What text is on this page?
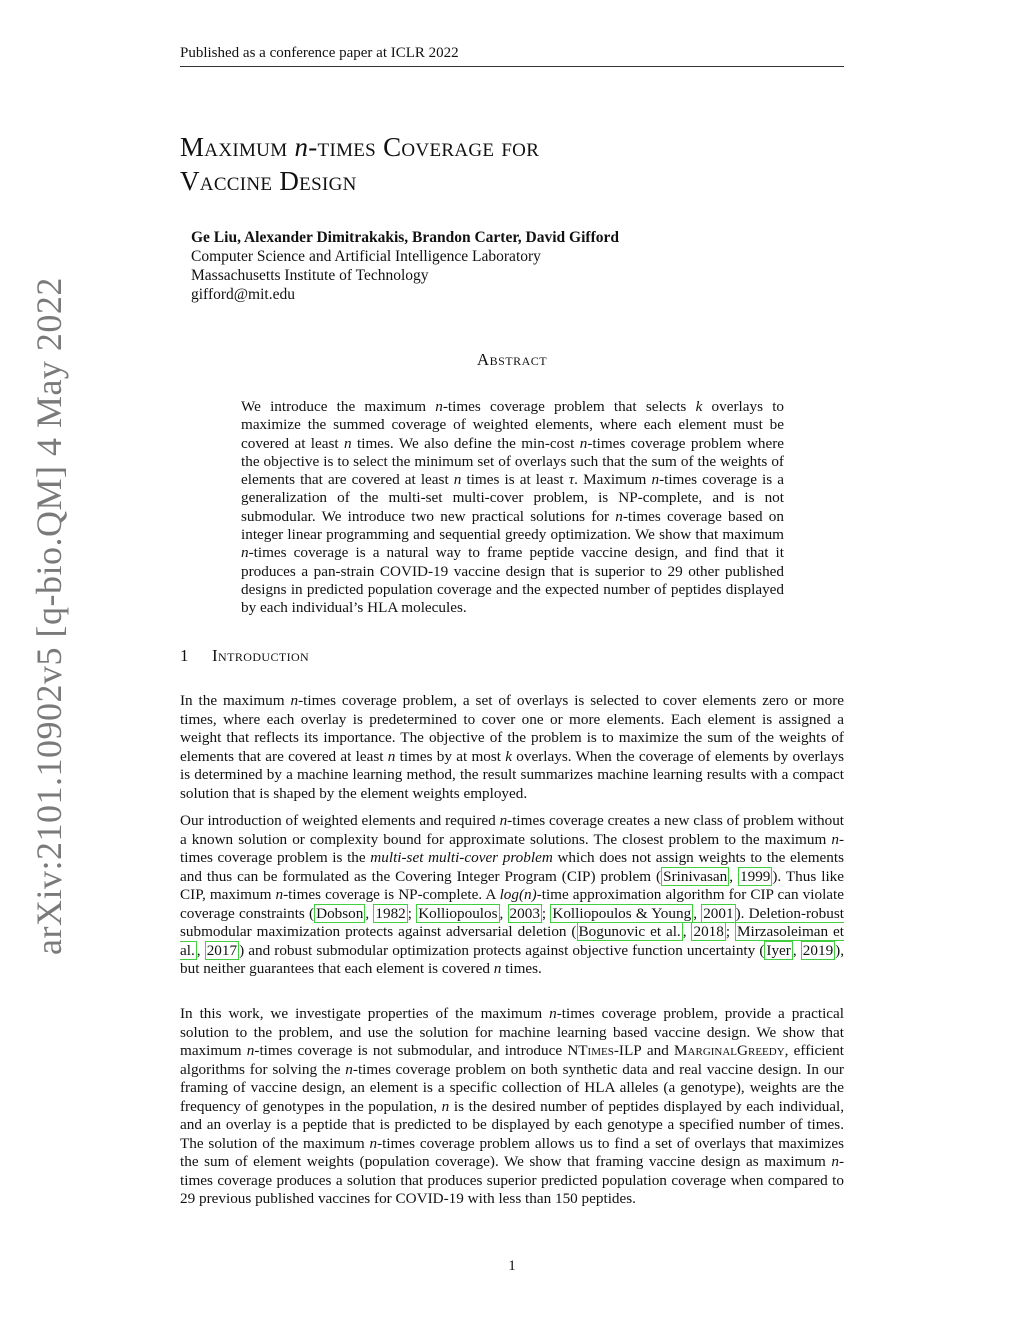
Published as a conference paper at ICLR 2022
Maximum n-times Coverage for
Vaccine Design
Ge Liu, Alexander Dimitrakakis, Brandon Carter, David Gifford
Computer Science and Artificial Intelligence Laboratory
Massachusetts Institute of Technology
gifford@mit.edu
Abstract

We introduce the maximum n-times coverage problem that selects k overlays to maximize the summed coverage of weighted elements, where each element must be covered at least n times. We also define the min-cost n-times coverage problem where the objective is to select the minimum set of overlays such that the sum of the weights of elements that are covered at least n times is at least τ. Maximum n-times coverage is a generalization of the multi-set multi-cover problem, is NP-complete, and is not submodular. We introduce two new practical solutions for n-times coverage based on integer linear programming and sequential greedy optimization. We show that maximum n-times coverage is a natural way to frame peptide vaccine design, and find that it produces a pan-strain COVID-19 vaccine design that is superior to 29 other published designs in predicted population coverage and the expected number of peptides displayed by each individual’s HLA molecules.

1 Introduction

In the maximum n-times coverage problem, a set of overlays is selected to cover elements zero or more times, where each overlay is predetermined to cover one or more elements. Each element is assigned a weight that reflects its importance. The objective of the problem is to maximize the sum of the weights of elements that are covered at least n times by at most k overlays. When the coverage of elements by overlays is determined by a machine learning method, the result summarizes machine learning results with a compact solution that is shaped by the element weights employed.

Our introduction of weighted elements and required n-times coverage creates a new class of problem without a known solution or complexity bound for approximate solutions. The closest problem to the maximum n-times coverage problem is the multi-set multi-cover problem which does not assign weights to the elements and thus can be formulated as the Covering Integer Program (CIP) problem ( Srinivasan , 1999 ). Thus like CIP, maximum n-times coverage is NP-complete. A log(n)-time approximation algorithm for CIP can violate coverage constraints ( Dobson , 1982 ; Kolliopoulos , 2003 ; Kolliopoulos & Young , 2001 ). Deletion-robust submodular maximization protects against adversarial deletion ( Bogunovic et al. , 2018 ; Mirzasoleiman et al. , 2017 ) and robust submodular optimization protects against objective function uncertainty ( Iyer , 2019 ), but neither guarantees that each element is covered n times.

In this work, we investigate properties of the maximum n-times coverage problem, provide a practical solution to the problem, and use the solution for machine learning based vaccine design. We show that maximum n-times coverage is not submodular, and introduce NTimes-ILP and MarginalGreedy, efficient algorithms for solving the n-times coverage problem on both synthetic data and real vaccine design. In our framing of vaccine design, an element is a specific collection of HLA alleles (a genotype), weights are the frequency of genotypes in the population, n is the desired number of peptides displayed by each individual, and an overlay is a peptide that is predicted to be displayed by each genotype a specified number of times. The solution of the maximum n-times coverage problem allows us to find a set of overlays that maximizes the sum of element weights (population coverage). We show that framing vaccine design as maximum n-times coverage produces a solution that produces superior predicted population coverage when compared to 29 previous published vaccines for COVID-19 with less than 150 peptides.

arXiv:2101.10902v5 [q-bio.QM] 4 May 2022
1
